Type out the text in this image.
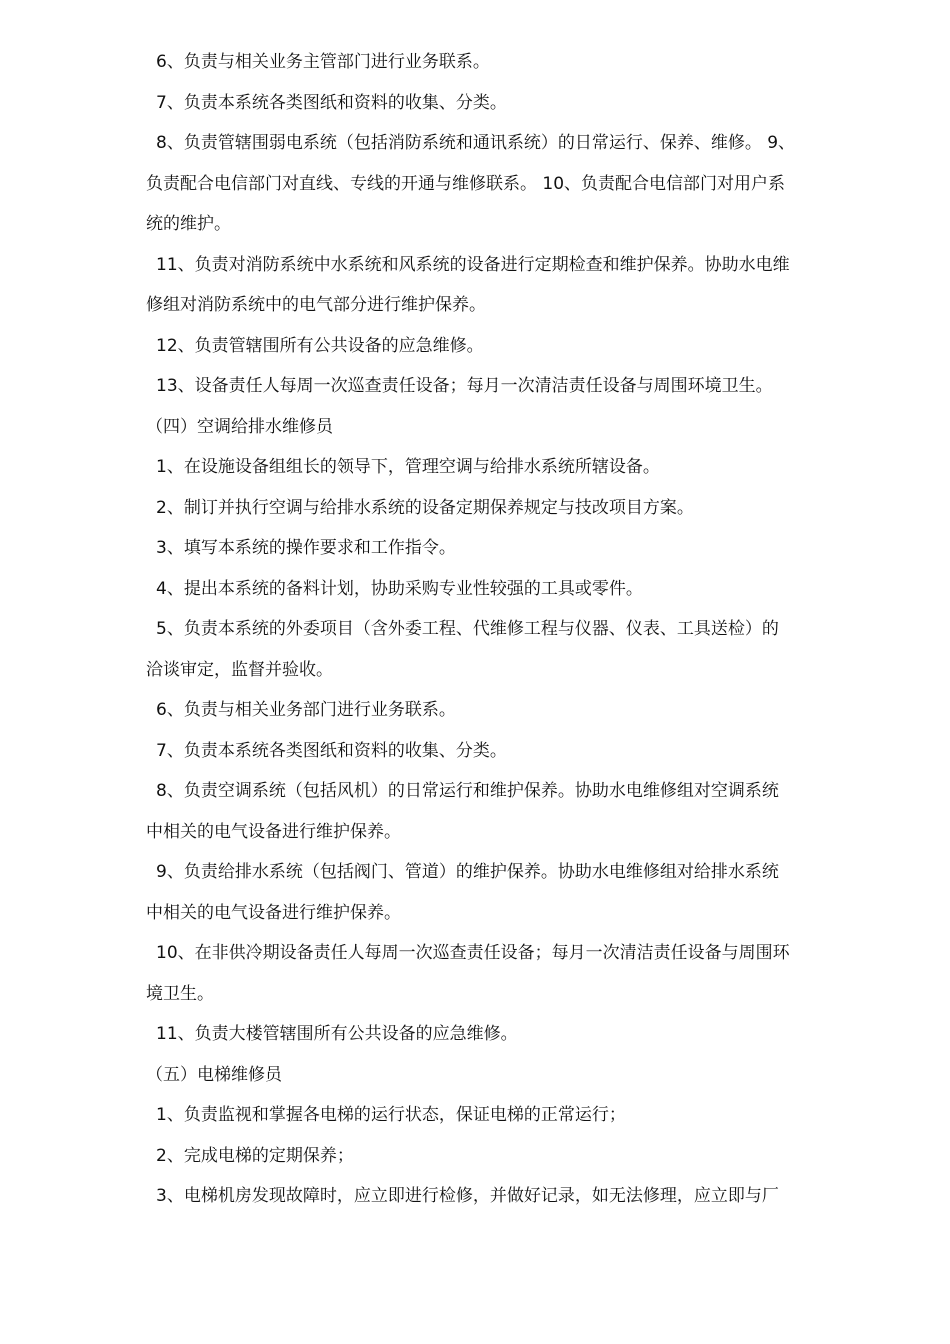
6、负责与相关业务主管部门进行业务联系。
7、负责本系统各类图纸和资料的收集、分类。
8、负责管辖围弱电系统（包括消防系统和通讯系统）的日常运行、保养、维修。 9、
负责配合电信部门对直线、专线的开通与维修联系。 10、负责配合电信部门对用户系
统的维护。
11、负责对消防系统中水系统和风系统的设备进行定期检查和维护保养。协助水电维
修组对消防系统中的电气部分进行维护保养。
12、负责管辖围所有公共设备的应急维修。
13、设备责任人每周一次巡查责任设备；每月一次清洁责任设备与周围环境卫生。
（四）空调给排水维修员
1、在设施设备组组长的领导下，管理空调与给排水系统所辖设备。
2、制订并执行空调与给排水系统的设备定期保养规定与技改项目方案。
3、填写本系统的操作要求和工作指令。
4、提出本系统的备料计划，协助采购专业性较强的工具或零件。
5、负责本系统的外委项目（含外委工程、代维修工程与仪器、仪表、工具送检）的
洽谈审定，监督并验收。
6、负责与相关业务部门进行业务联系。
7、负责本系统各类图纸和资料的收集、分类。
8、负责空调系统（包括风机）的日常运行和维护保养。协助水电维修组对空调系统
中相关的电气设备进行维护保养。
9、负责给排水系统（包括阀门、管道）的维护保养。协助水电维修组对给排水系统
中相关的电气设备进行维护保养。
10、在非供冷期设备责任人每周一次巡查责任设备；每月一次清洁责任设备与周围环
境卫生。
11、负责大楼管辖围所有公共设备的应急维修。
（五）电梯维修员
1、负责监视和掌握各电梯的运行状态，保证电梯的正常运行；
2、完成电梯的定期保养；
3、电梯机房发现故障时，应立即进行检修，并做好记录，如无法修理，应立即与厂
